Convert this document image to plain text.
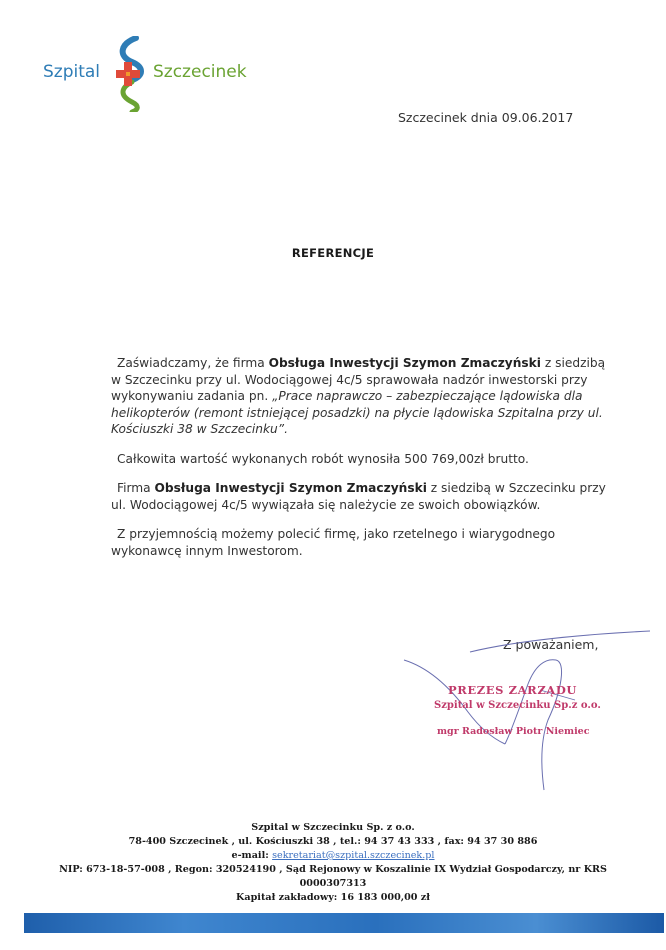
Szpital	Szczecinek
Szczecinek dnia 09.06.2017
REFERENCJE

Zaświadczamy, że firma Obsługa Inwestycji Szymon Zmaczyński z siedzibą w Szczecinku przy ul. Wodociągowej 4c/5 sprawowała nadzór inwestorski przy wykonywaniu zadania pn. „Prace naprawczo – zabezpieczające lądowiska dla helikopterów (remont istniejącej posadzki) na płycie lądowiska Szpitalna przy ul. Kościuszki 38 w Szczecinku”.

Całkowita wartość wykonanych robót wynosiła 500 769,00zł brutto.

Firma Obsługa Inwestycji Szymon Zmaczyński z siedzibą w Szczecinku przy ul. Wodociągowej 4c/5 wywiązała się należycie ze swoich obowiązków.

Z przyjemnością możemy polecić firmę, jako rzetelnego i wiarygodnego wykonawcę innym Inwestorom.

Z poważaniem,
PREZES ZARZĄDU
Szpital w Szczecinku Sp.z o.o.
mgr Radosław Piotr Niemiec
Szpital w Szczecinku Sp. z o.o.
78-400 Szczecinek , ul. Kościuszki 38 , tel.: 94 37 43 333 , fax: 94 37 30 886
e-mail: sekretariat@szpital.szczecinek.pl
NIP: 673-18-57-008 , Regon: 320524190 , Sąd Rejonowy w Koszalinie IX Wydział Gospodarczy, nr KRS
0000307313
Kapitał zakładowy: 16 183 000,00 zł
